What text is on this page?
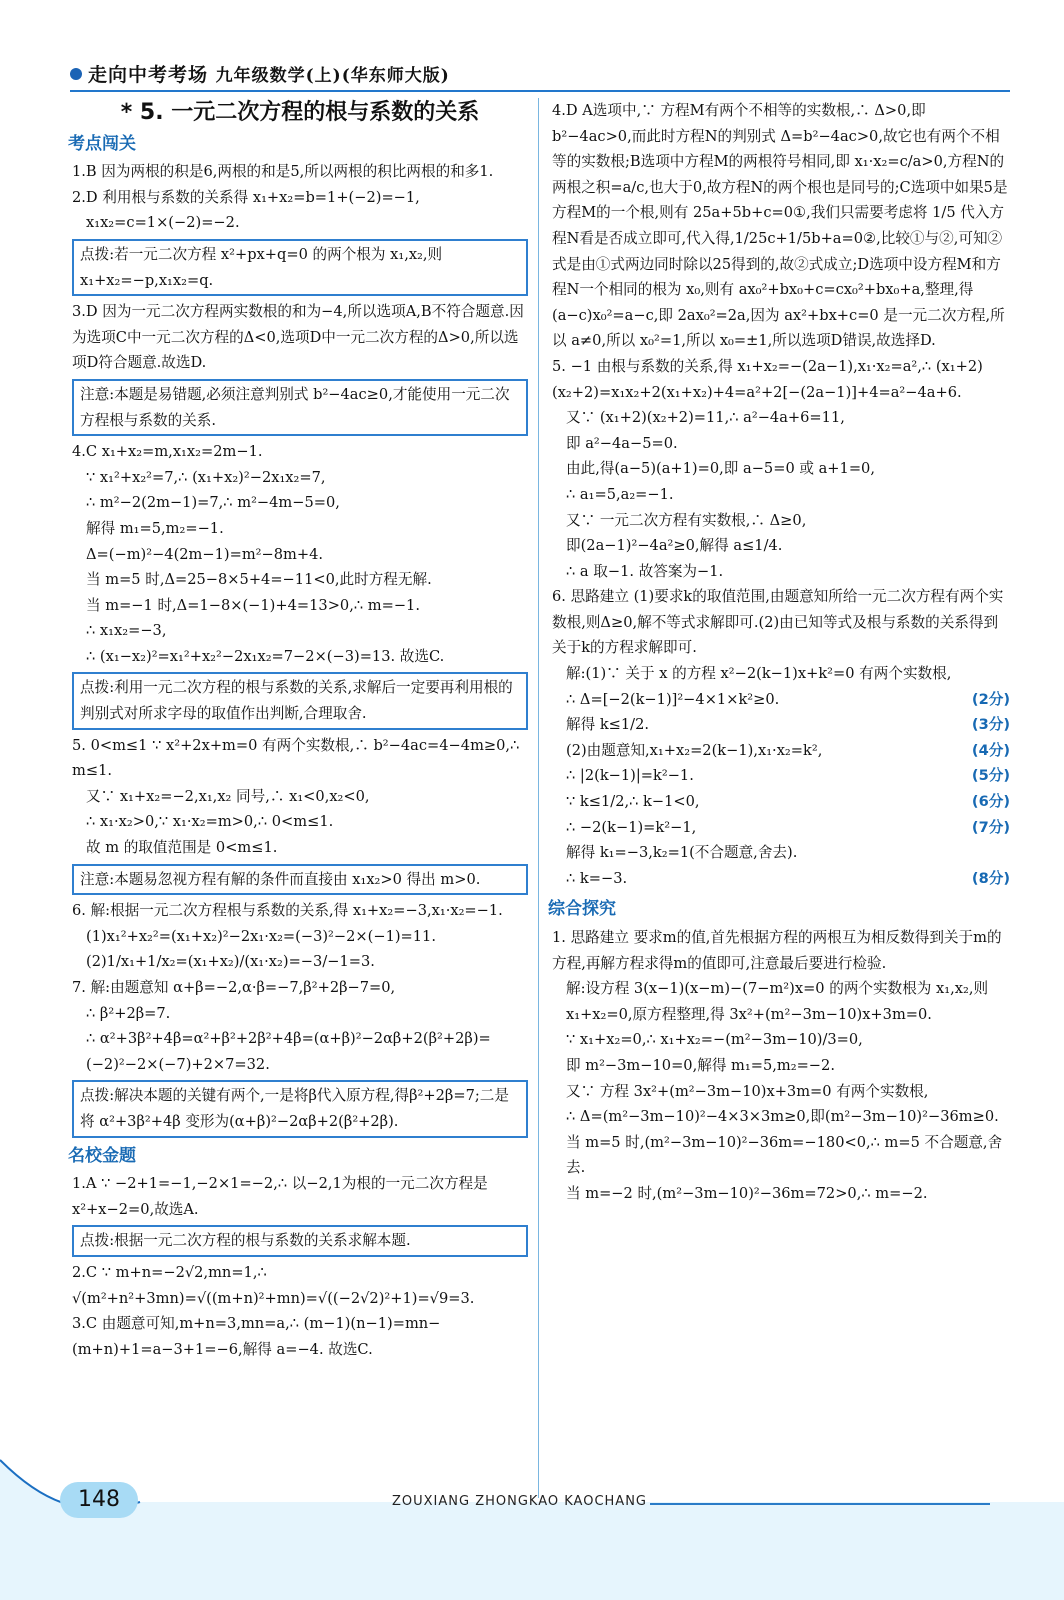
走向中考考场 九年级数学(上)(华东师大版)
* 5. 一元二次方程的根与系数的关系
考点闯关

1.B 因为两根的积是6,两根的和是5,所以两根的积比两根的和多1.

2.D 利用根与系数的关系得 x₁+x₂=b=1+(−2)=−1,

x₁x₂=c=1×(−2)=−2.

点拨:若一元二次方程 x²+px+q=0 的两个根为 x₁,x₂,则 x₁+x₂=−p,x₁x₂=q.

3.D 因为一元二次方程两实数根的和为−4,所以选项A,B不符合题意.因为选项C中一元二次方程的Δ<0,选项D中一元二次方程的Δ>0,所以选项D符合题意.故选D.

注意:本题是易错题,必须注意判别式 b²−4ac≥0,才能使用一元二次方程根与系数的关系.

4.C x₁+x₂=m,x₁x₂=2m−1.

∵ x₁²+x₂²=7,∴ (x₁+x₂)²−2x₁x₂=7,

∴ m²−2(2m−1)=7,∴ m²−4m−5=0,

解得 m₁=5,m₂=−1.

Δ=(−m)²−4(2m−1)=m²−8m+4.

当 m=5 时,Δ=25−8×5+4=−11<0,此时方程无解.

当 m=−1 时,Δ=1−8×(−1)+4=13>0,∴ m=−1.

∴ x₁x₂=−3,

∴ (x₁−x₂)²=x₁²+x₂²−2x₁x₂=7−2×(−3)=13. 故选C.

点拨:利用一元二次方程的根与系数的关系,求解后一定要再利用根的判别式对所求字母的取值作出判断,合理取舍.

5. 0<m≤1 ∵ x²+2x+m=0 有两个实数根,∴ b²−4ac=4−4m≥0,∴ m≤1.

又∵ x₁+x₂=−2,x₁,x₂ 同号,∴ x₁<0,x₂<0,

∴ x₁·x₂>0,∵ x₁·x₂=m>0,∴ 0<m≤1.

故 m 的取值范围是 0<m≤1.

注意:本题易忽视方程有解的条件而直接由 x₁x₂>0 得出 m>0.

6. 解:根据一元二次方程根与系数的关系,得 x₁+x₂=−3,x₁·x₂=−1.

(1)x₁²+x₂²=(x₁+x₂)²−2x₁·x₂=(−3)²−2×(−1)=11.

(2)1/x₁+1/x₂=(x₁+x₂)/(x₁·x₂)=−3/−1=3.

7. 解:由题意知 α+β=−2,α·β=−7,β²+2β−7=0,

∴ β²+2β=7.

∴ α²+3β²+4β=α²+β²+2β²+4β=(α+β)²−2αβ+2(β²+2β)=(−2)²−2×(−7)+2×7=32.

点拨:解决本题的关键有两个,一是将β代入原方程,得β²+2β=7;二是将 α²+3β²+4β 变形为(α+β)²−2αβ+2(β²+2β).
名校金题

1.A ∵ −2+1=−1,−2×1=−2,∴ 以−2,1为根的一元二次方程是 x²+x−2=0,故选A.

点拨:根据一元二次方程的根与系数的关系求解本题.

2.C ∵ m+n=−2√2,mn=1,∴ √(m²+n²+3mn)=√((m+n)²+mn)=√((−2√2)²+1)=√9=3.

3.C 由题意可知,m+n=3,mn=a,∴ (m−1)(n−1)=mn−(m+n)+1=a−3+1=−6,解得 a=−4. 故选C.

4.D A选项中,∵ 方程M有两个不相等的实数根,∴ Δ>0,即 b²−4ac>0,而此时方程N的判别式 Δ=b²−4ac>0,故它也有两个不相等的实数根;B选项中方程M的两根符号相同,即 x₁·x₂=c/a>0,方程N的两根之积=a/c,也大于0,故方程N的两个根也是同号的;C选项中如果5是方程M的一个根,则有 25a+5b+c=0①,我们只需要考虑将 1/5 代入方程N看是否成立即可,代入得,1/25c+1/5b+a=0②,比较①与②,可知②式是由①式两边同时除以25得到的,故②式成立;D选项中设方程M和方程N一个相同的根为 x₀,则有 ax₀²+bx₀+c=cx₀²+bx₀+a,整理,得(a−c)x₀²=a−c,即 2ax₀²=2a,因为 ax²+bx+c=0 是一元二次方程,所以 a≠0,所以 x₀²=1,所以 x₀=±1,所以选项D错误,故选择D.

5. −1 由根与系数的关系,得 x₁+x₂=−(2a−1),x₁·x₂=a²,∴ (x₁+2)(x₂+2)=x₁x₂+2(x₁+x₂)+4=a²+2[−(2a−1)]+4=a²−4a+6.

又∵ (x₁+2)(x₂+2)=11,∴ a²−4a+6=11,

即 a²−4a−5=0.

由此,得(a−5)(a+1)=0,即 a−5=0 或 a+1=0,

∴ a₁=5,a₂=−1.

又∵ 一元二次方程有实数根,∴ Δ≥0,

即(2a−1)²−4a²≥0,解得 a≤1/4.

∴ a 取−1. 故答案为−1.

6. 思路建立 (1)要求k的取值范围,由题意知所给一元二次方程有两个实数根,则Δ≥0,解不等式求解即可.(2)由已知等式及根与系数的关系得到关于k的方程求解即可.

解:(1)∵ 关于 x 的方程 x²−2(k−1)x+k²=0 有两个实数根,

∴ Δ=[−2(k−1)]²−4×1×k²≥0.	(2分)

解得 k≤1/2.	(3分)

(2)由题意知,x₁+x₂=2(k−1),x₁·x₂=k²,	(4分)

∴ |2(k−1)|=k²−1.	(5分)

∵ k≤1/2,∴ k−1<0,	(6分)

∴ −2(k−1)=k²−1,	(7分)

解得 k₁=−3,k₂=1(不合题意,舍去).

∴ k=−3.	(8分)

综合探究

1. 思路建立 要求m的值,首先根据方程的两根互为相反数得到关于m的方程,再解方程求得m的值即可,注意最后要进行检验.

解:设方程 3(x−1)(x−m)−(7−m²)x=0 的两个实数根为 x₁,x₂,则 x₁+x₂=0,原方程整理,得 3x²+(m²−3m−10)x+3m=0.

∵ x₁+x₂=0,∴ x₁+x₂=−(m²−3m−10)/3=0,

即 m²−3m−10=0,解得 m₁=5,m₂=−2.

又∵ 方程 3x²+(m²−3m−10)x+3m=0 有两个实数根,

∴ Δ=(m²−3m−10)²−4×3×3m≥0,即(m²−3m−10)²−36m≥0.

当 m=5 时,(m²−3m−10)²−36m=−180<0,∴ m=5 不合题意,舍去.

当 m=−2 时,(m²−3m−10)²−36m=72>0,∴ m=−2.

148	ZOUXIANG ZHONGKAO KAOCHANG
